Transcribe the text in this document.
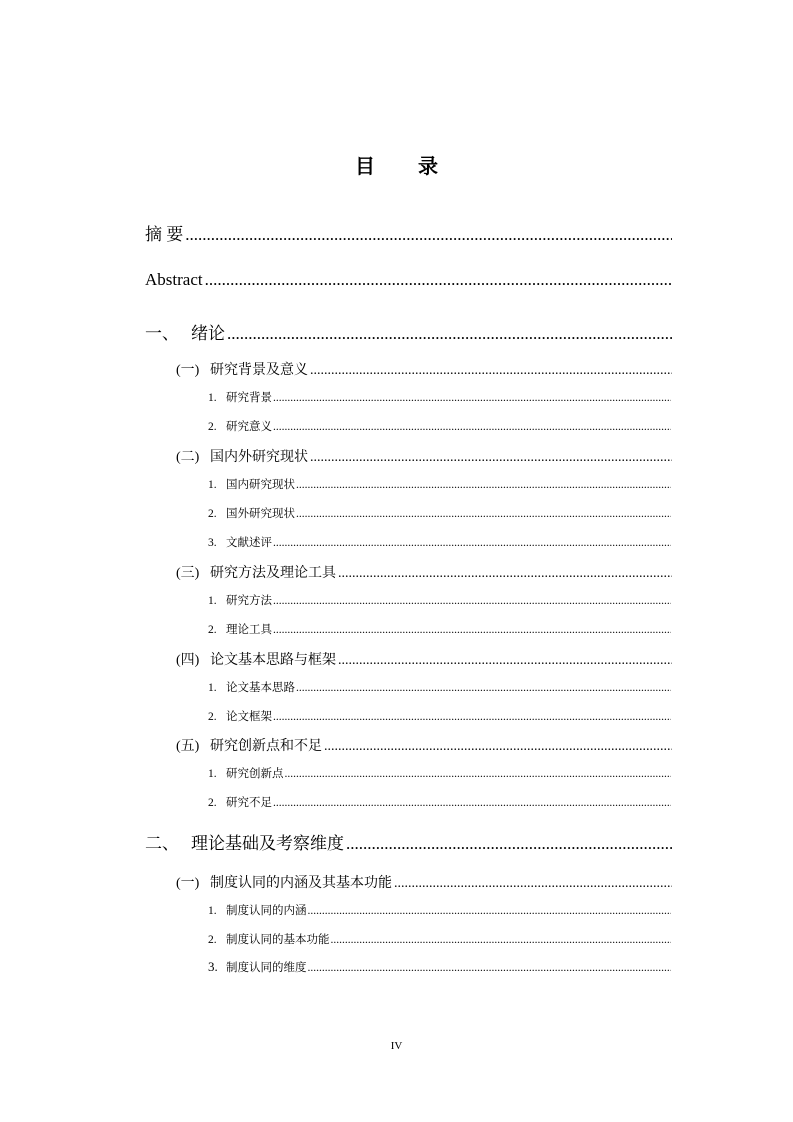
目 录
摘 要
.....
Abstract
.....
一、 绪论
.....
(一) 研究背景及意义
.....
1. 研究背景
.....
2. 研究意义
.....
(二) 国内外研究现状
.....
1. 国内研究现状
.....
2. 国外研究现状
.....
3. 文献述评
.....
(三) 研究方法及理论工具
.....
1. 研究方法
.....
2. 理论工具
.....
(四) 论文基本思路与框架
.....
1. 论文基本思路
.....
2. 论文框架
.....
(五) 研究创新点和不足
.....
1. 研究创新点
.....
2. 研究不足
.....
二、 理论基础及考察维度
.....
(一) 制度认同的内涵及其基本功能
.....
1. 制度认同的内涵
.....
2. 制度认同的基本功能
.....
3. 制度认同的维度
.....
IV
